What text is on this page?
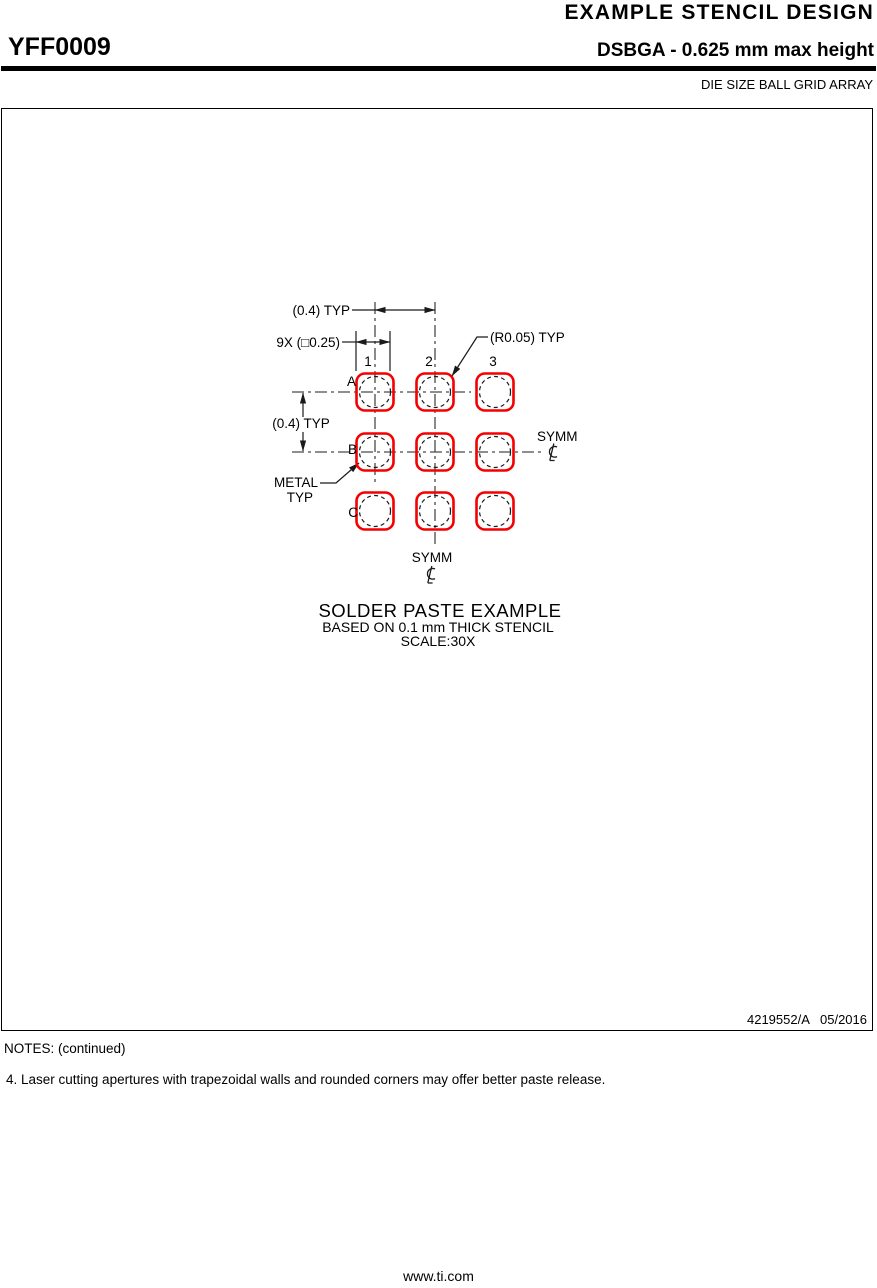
EXAMPLE STENCIL DESIGN
YFF0009	DSBGA - 0.625 mm max height
DIE SIZE BALL GRID ARRAY
4219552/A   05/2016
(0.4) TYP
9X (□0.25)	(R0.05) TYP
(0.4) TYP
METAL
TYP
SYMM
SYMM
1	2	3
A
B
C
SOLDER PASTE EXAMPLE
BASED ON 0.1 mm THICK STENCIL
SCALE:30X
NOTES: (continued)
4. Laser cutting apertures with trapezoidal walls and rounded corners may offer better paste release.
www.ti.com
